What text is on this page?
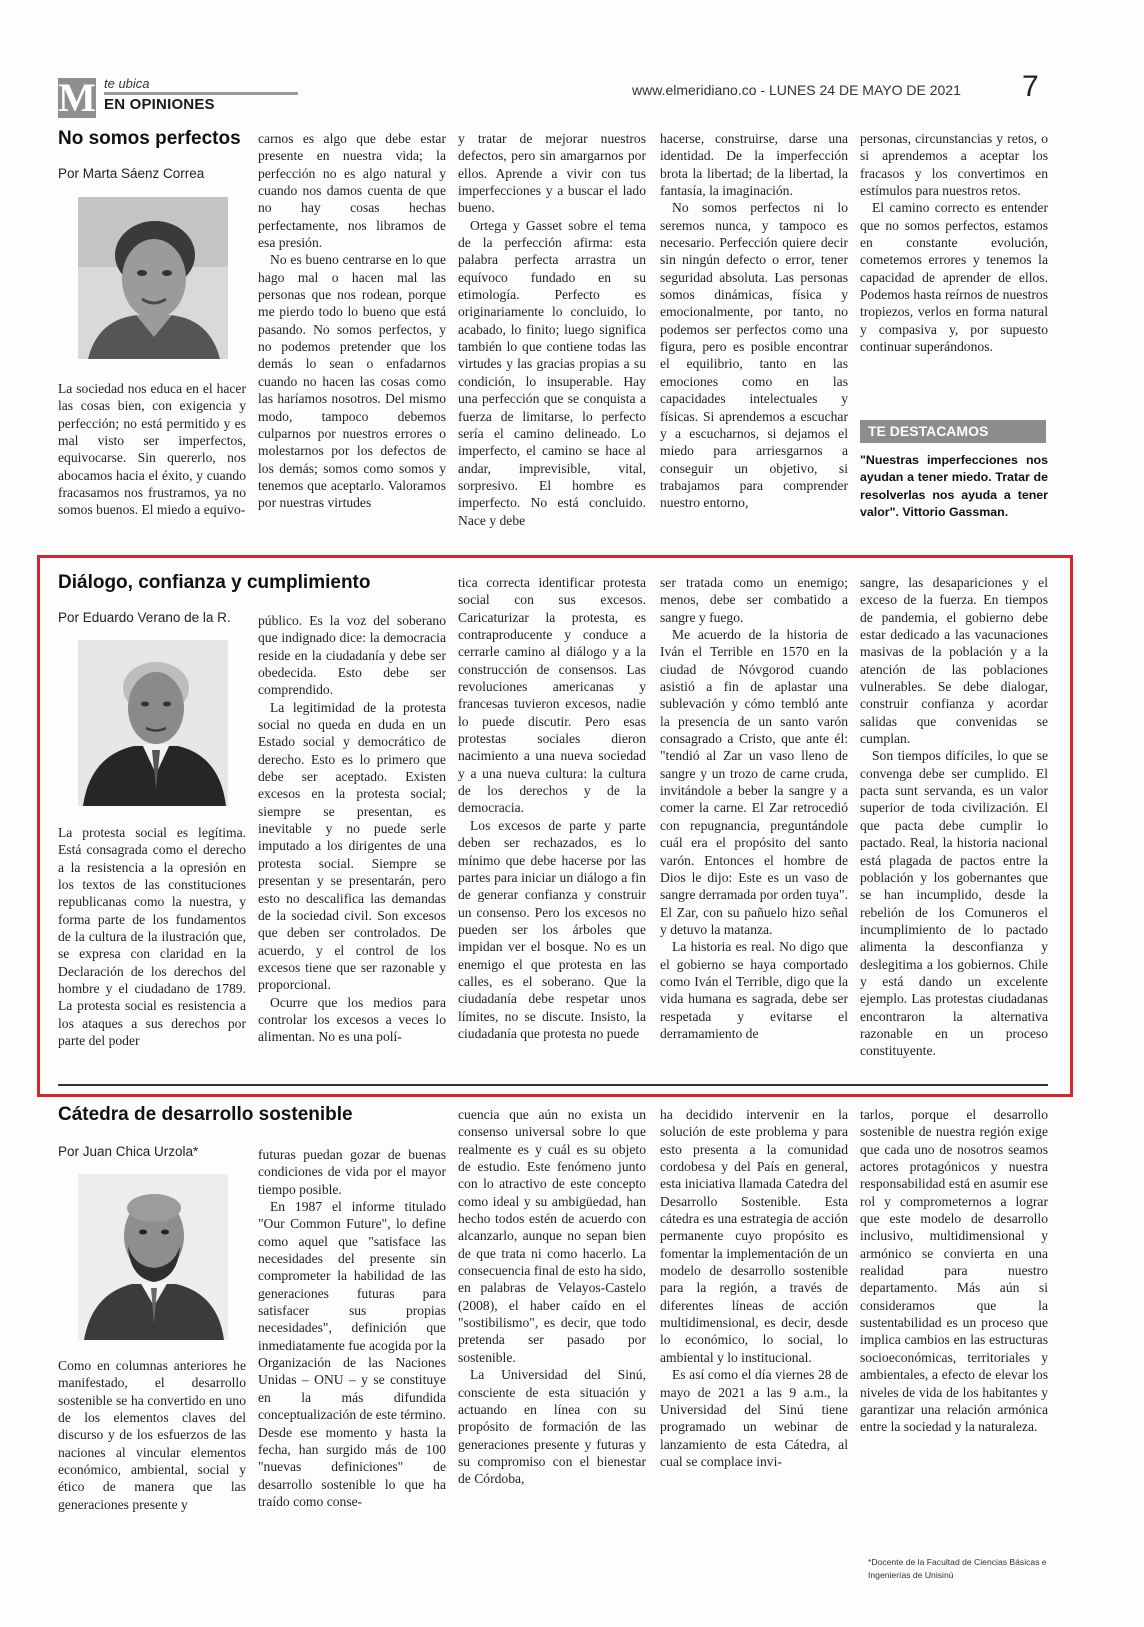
M te ubica
EN OPINIONES
www.elmeridiano.co - LUNES 24 DE MAYO DE 2021	7
No somos perfectos
Por Marta Sáenz Correa

La sociedad nos educa en el hacer las cosas bien, con exigencia y perfección; no está permitido y es mal visto ser imperfectos, equivocarse. Sin quererlo, nos abocamos hacia el éxito, y cuando fracasamos nos frustramos, ya no somos buenos. El miedo a equivo-

carnos es algo que debe estar presente en nuestra vida; la perfección no es algo natural y cuando nos damos cuenta de que no hay cosas hechas perfectamente, nos libramos de esa presión.

No es bueno centrarse en lo que hago mal o hacen mal las personas que nos rodean, porque me pierdo todo lo bueno que está pasando. No somos perfectos, y no podemos pretender que los demás lo sean o enfadarnos cuando no hacen las cosas como las haríamos nosotros. Del mismo modo, tampoco debemos culparnos por nuestros errores o molestarnos por los defectos de los demás; somos como somos y tenemos que aceptarlo. Valoramos por nuestras virtudes

y tratar de mejorar nuestros defectos, pero sin amargarnos por ellos. Aprende a vivir con tus imperfecciones y a buscar el lado bueno.

Ortega y Gasset sobre el tema de la perfección afirma: esta palabra perfecta arrastra un equívoco fundado en su etimología. Perfecto es originariamente lo concluido, lo acabado, lo finito; luego significa también lo que contiene todas las virtudes y las gracias propias a su condición, lo insuperable. Hay una perfección que se conquista a fuerza de limitarse, lo perfecto sería el camino delineado. Lo imperfecto, el camino se hace al andar, imprevisible, vital, sorpresivo. El hombre es imperfecto. No está concluido. Nace y debe

hacerse, construirse, darse una identidad. De la imperfección brota la libertad; de la libertad, la fantasía, la imaginación.

No somos perfectos ni lo seremos nunca, y tampoco es necesario. Perfección quiere decir sin ningún defecto o error, tener seguridad absoluta. Las personas somos dinámicas, física y emocionalmente, por tanto, no podemos ser perfectos como una figura, pero es posible encontrar el equilibrio, tanto en las emociones como en las capacidades intelectuales y físicas. Si aprendemos a escuchar y a escucharnos, si dejamos el miedo para arriesgarnos a conseguir un objetivo, si trabajamos para comprender nuestro entorno,

personas, circunstancias y retos, o si aprendemos a aceptar los fracasos y los convertimos en estímulos para nuestros retos.

El camino correcto es entender que no somos perfectos, estamos en constante evolución, cometemos errores y tenemos la capacidad de aprender de ellos. Podemos hasta reírnos de nuestros tropiezos, verlos en forma natural y compasiva y, por supuesto continuar superándonos.

TE DESTACAMOS
"Nuestras imperfecciones nos ayudan a tener miedo. Tratar de resolverlas nos ayuda a tener valor". Vittorio Gassman.
Diálogo, confianza y cumplimiento
Por Eduardo Verano de la R.

La protesta social es legítima. Está consagrada como el derecho a la resistencia a la opresión en los textos de las constituciones republicanas como la nuestra, y forma parte de los fundamentos de la cultura de la ilustración que, se expresa con claridad en la Declaración de los derechos del hombre y el ciudadano de 1789. La protesta social es resistencia a los ataques a sus derechos por parte del poder

público. Es la voz del soberano que indignado dice: la democracia reside en la ciudadanía y debe ser obedecida. Esto debe ser comprendido.

La legitimidad de la protesta social no queda en duda en un Estado social y democrático de derecho. Esto es lo primero que debe ser aceptado. Existen excesos en la protesta social; siempre se presentan, es inevitable y no puede serle imputado a los dirigentes de una protesta social. Siempre se presentan y se presentarán, pero esto no descalifica las demandas de la sociedad civil. Son excesos que deben ser controlados. De acuerdo, y el control de los excesos tiene que ser razonable y proporcional.

Ocurre que los medios para controlar los excesos a veces lo alimentan. No es una polí-

tica correcta identificar protesta social con sus excesos. Caricaturizar la protesta, es contraproducente y conduce a cerrarle camino al diálogo y a la construcción de consensos. Las revoluciones americanas y francesas tuvieron excesos, nadie lo puede discutir. Pero esas protestas sociales dieron nacimiento a una nueva sociedad y a una nueva cultura: la cultura de los derechos y de la democracia.

Los excesos de parte y parte deben ser rechazados, es lo mínimo que debe hacerse por las partes para iniciar un diálogo a fin de generar confianza y construir un consenso. Pero los excesos no pueden ser los árboles que impidan ver el bosque. No es un enemigo el que protesta en las calles, es el soberano. Que la ciudadanía debe respetar unos límites, no se discute. Insisto, la ciudadanía que protesta no puede

ser tratada como un enemigo; menos, debe ser combatido a sangre y fuego.

Me acuerdo de la historia de Iván el Terrible en 1570 en la ciudad de Nóvgorod cuando asistió a fin de aplastar una sublevación y cómo tembló ante la presencia de un santo varón consagrado a Cristo, que ante él: "tendió al Zar un vaso lleno de sangre y un trozo de carne cruda, invitándole a beber la sangre y a comer la carne. El Zar retrocedió con repugnancia, preguntándole cuál era el propósito del santo varón. Entonces el hombre de Dios le dijo: Este es un vaso de sangre derramada por orden tuya". El Zar, con su pañuelo hizo señal y detuvo la matanza.

La historia es real. No digo que el gobierno se haya comportado como Iván el Terrible, digo que la vida humana es sagrada, debe ser respetada y evitarse el derramamiento de

sangre, las desapariciones y el exceso de la fuerza. En tiempos de pandemia, el gobierno debe estar dedicado a las vacunaciones masivas de la población y a la atención de las poblaciones vulnerables. Se debe dialogar, construir confianza y acordar salidas que convenidas se cumplan.

Son tiempos difíciles, lo que se convenga debe ser cumplido. El pacta sunt servanda, es un valor superior de toda civilización. El que pacta debe cumplir lo pactado. Real, la historia nacional está plagada de pactos entre la población y los gobernantes que se han incumplido, desde la rebelión de los Comuneros el incumplimiento de lo pactado alimenta la desconfianza y deslegitima a los gobiernos. Chile y está dando un excelente ejemplo. Las protestas ciudadanas encontraron la alternativa razonable en un proceso constituyente.

Cátedra de desarrollo sostenible
Por Juan Chica Urzola*

Como en columnas anteriores he manifestado, el desarrollo sostenible se ha convertido en uno de los elementos claves del discurso y de los esfuerzos de las naciones al vincular elementos económico, ambiental, social y ético de manera que las generaciones presente y

futuras puedan gozar de buenas condiciones de vida por el mayor tiempo posible.

En 1987 el informe titulado "Our Common Future", lo define como aquel que "satisface las necesidades del presente sin comprometer la habilidad de las generaciones futuras para satisfacer sus propias necesidades", definición que inmediatamente fue acogida por la Organización de las Naciones Unidas – ONU – y se constituye en la más difundida conceptualización de este término. Desde ese momento y hasta la fecha, han surgido más de 100 "nuevas definiciones" de desarrollo sostenible lo que ha traído como conse-

cuencia que aún no exista un consenso universal sobre lo que realmente es y cuál es su objeto de estudio. Este fenómeno junto con lo atractivo de este concepto como ideal y su ambigüedad, han hecho todos estén de acuerdo con alcanzarlo, aunque no sepan bien de que trata ni como hacerlo. La consecuencia final de esto ha sido, en palabras de Velayos-Castelo (2008), el haber caído en el "sostibilismo", es decir, que todo pretenda ser pasado por sostenible.

La Universidad del Sinú, consciente de esta situación y actuando en línea con su propósito de formación de las generaciones presente y futuras y su compromiso con el bienestar de Córdoba,

ha decidido intervenir en la solución de este problema y para esto presenta a la comunidad cordobesa y del País en general, esta iniciativa llamada Catedra del Desarrollo Sostenible. Esta cátedra es una estrategia de acción permanente cuyo propósito es fomentar la implementación de un modelo de desarrollo sostenible para la región, a través de diferentes líneas de acción multidimensional, es decir, desde lo económico, lo social, lo ambiental y lo institucional.

Es así como el día viernes 28 de mayo de 2021 a las 9 a.m., la Universidad del Sinú tiene programado un webinar de lanzamiento de esta Cátedra, al cual se complace invi-

tarlos, porque el desarrollo sostenible de nuestra región exige que cada uno de nosotros seamos actores protagónicos y nuestra responsabilidad está en asumir ese rol y comprometernos a lograr que este modelo de desarrollo inclusivo, multidimensional y armónico se convierta en una realidad para nuestro departamento. Más aún si consideramos que la sustentabilidad es un proceso que implica cambios en las estructuras socioeconómicas, territoriales y ambientales, a efecto de elevar los niveles de vida de los habitantes y garantizar una relación armónica entre la sociedad y la naturaleza.

*Docente de la Facultad de Ciencias Básicas e Ingenierías de Unisinú
